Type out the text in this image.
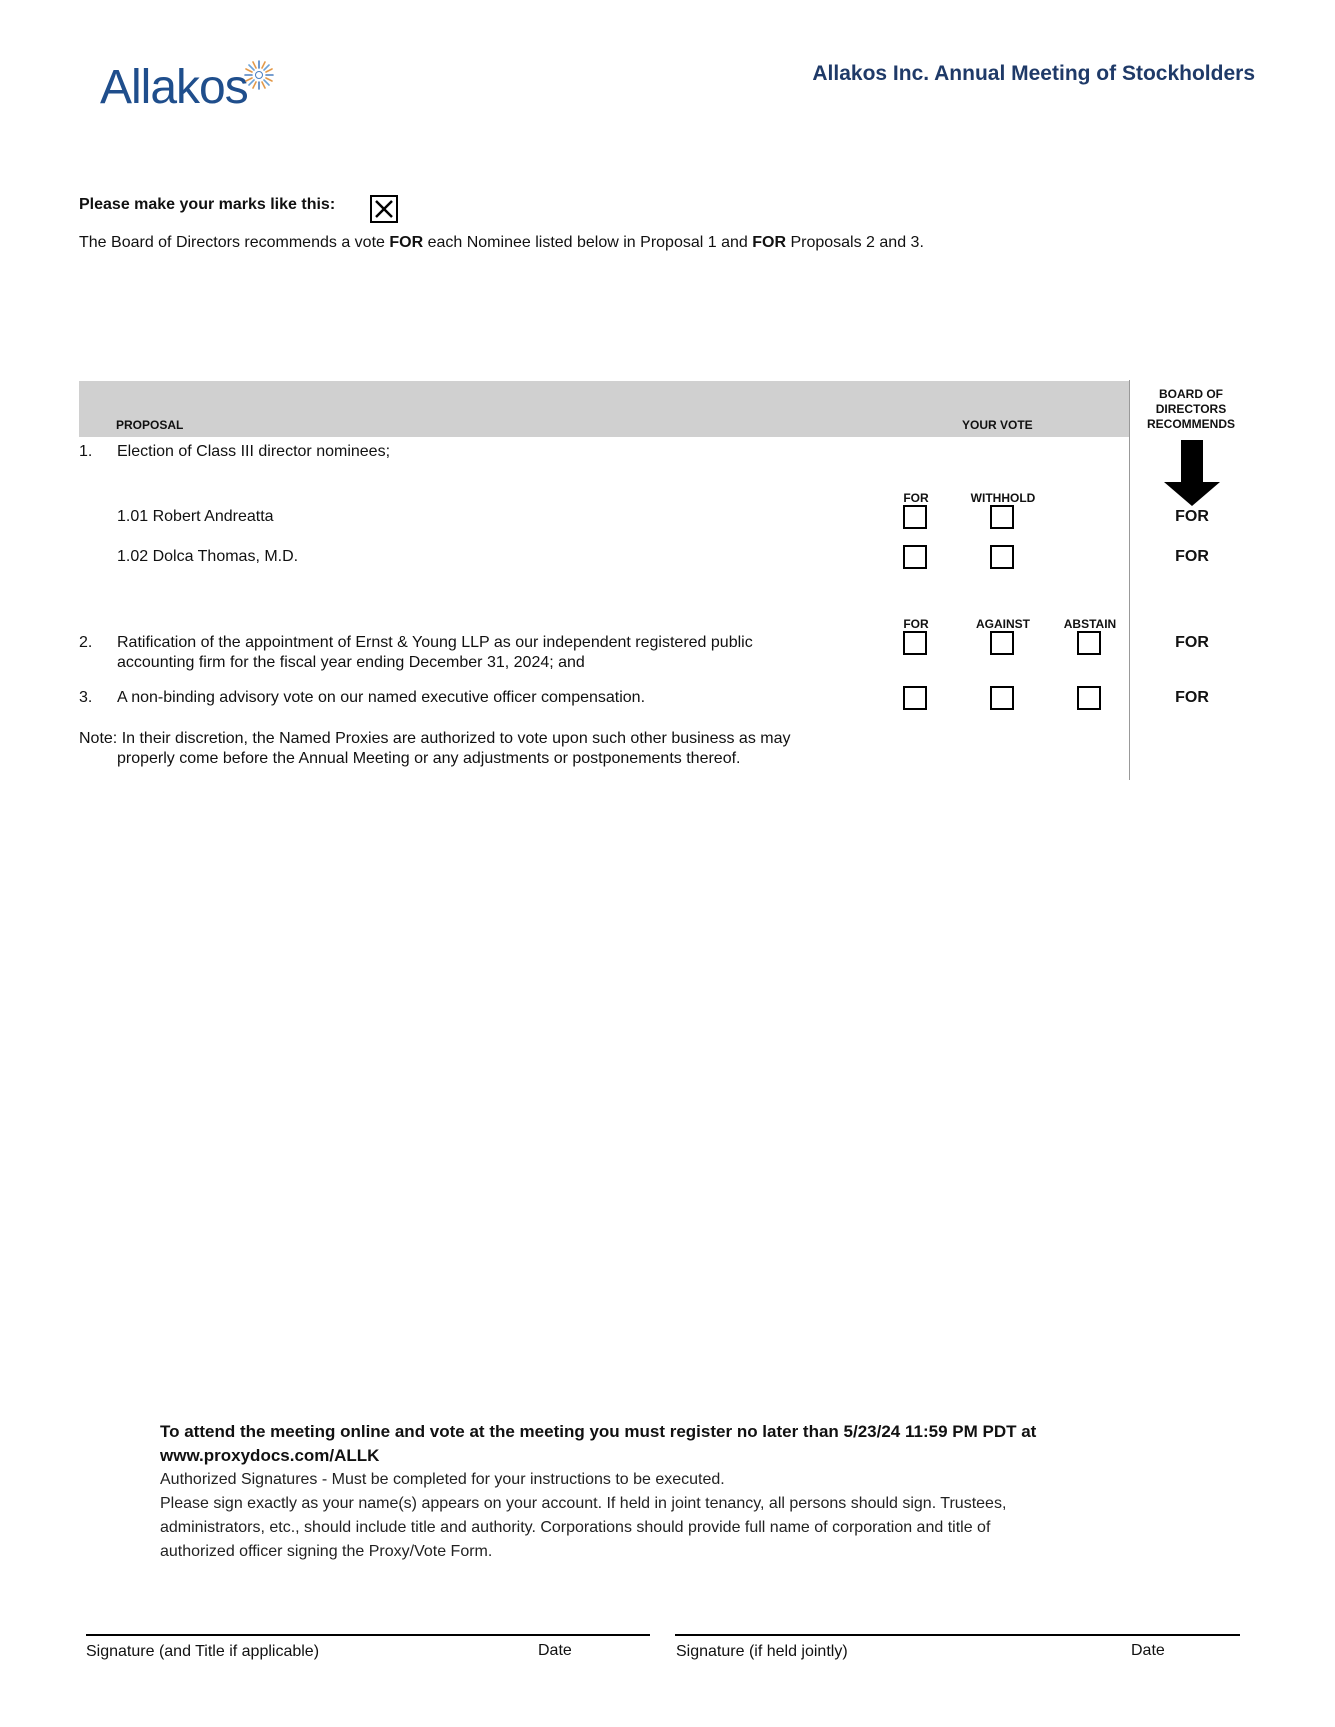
Allakos	Allakos Inc. Annual Meeting of Stockholders
Please make your marks like this:
The Board of Directors recommends a vote FOR each Nominee listed below in Proposal 1 and FOR Proposals 2 and 3.
PROPOSAL	YOUR VOTE
BOARD OF DIRECTORS RECOMMENDS
1. Election of Class III director nominees;
FOR	WITHHOLD
1.01 Robert Andreatta	FOR
1.02 Dolca Thomas, M.D.	FOR
FOR	AGAINST	ABSTAIN
2. Ratification of the appointment of Ernst & Young LLP as our independent registered public
accounting firm for the fiscal year ending December 31, 2024; and
FOR
3. A non-binding advisory vote on our named executive officer compensation.	FOR
Note: In their discretion, the Named Proxies are authorized to vote upon such other business as may
properly come before the Annual Meeting or any adjustments or postponements thereof.
To attend the meeting online and vote at the meeting you must register no later than 5/23/24 11:59 PM PDT at
www.proxydocs.com/ALLK
Authorized Signatures - Must be completed for your instructions to be executed.
Please sign exactly as your name(s) appears on your account. If held in joint tenancy, all persons should sign. Trustees,
administrators, etc., should include title and authority. Corporations should provide full name of corporation and title of
authorized officer signing the Proxy/Vote Form.
Signature (and Title if applicable)	Date	Signature (if held jointly)	Date
